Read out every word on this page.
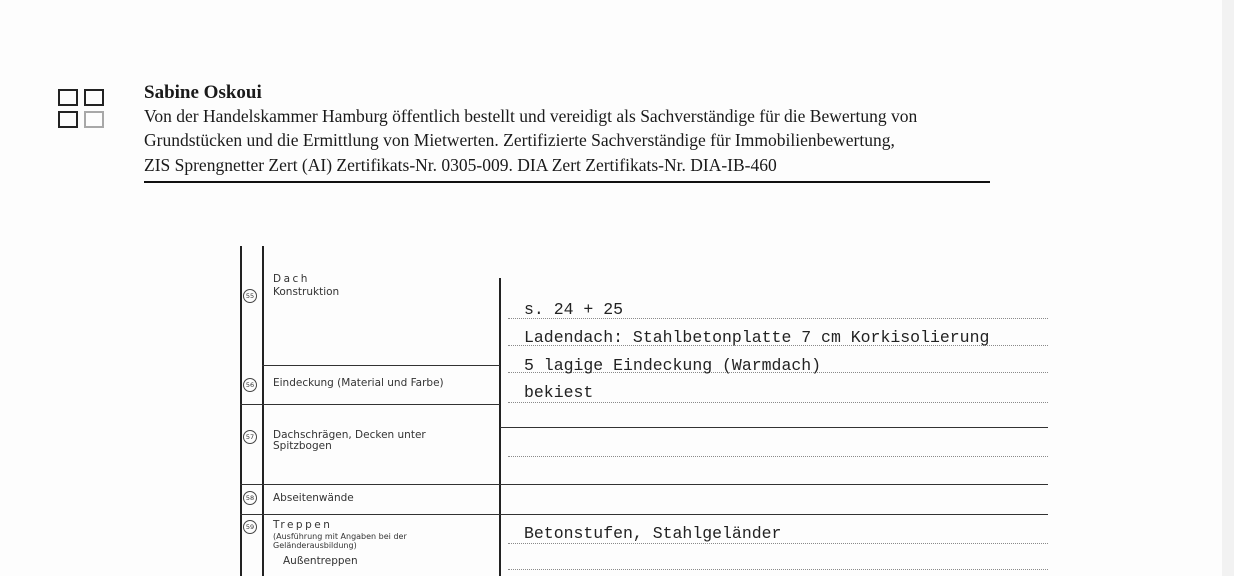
Sabine Oskoui
Von der Handelskammer Hamburg öffentlich bestellt und vereidigt als Sachverständige für die Bewertung von
Grundstücken und die Ermittlung von Mietwerten. Zertifizierte Sachverständige für Immobilienbewertung,
ZIS Sprengnetter Zert (AI) Zertifikats-Nr. 0305-009. DIA Zert Zertifikats-Nr. DIA-IB-460
55
56
57
58
59
Dach
Konstruktion
Eindeckung (Material und Farbe)
Dachschrägen, Decken unter
Spitzbogen
Abseitenwände
Treppen
(Ausführung mit Angaben bei der
Geländerausbildung)
Außentreppen
s. 24 + 25
Ladendach: Stahlbetonplatte 7 cm Korkisolierung
5 lagige Eindeckung (Warmdach)
bekiest
Betonstufen, Stahlgeländer
